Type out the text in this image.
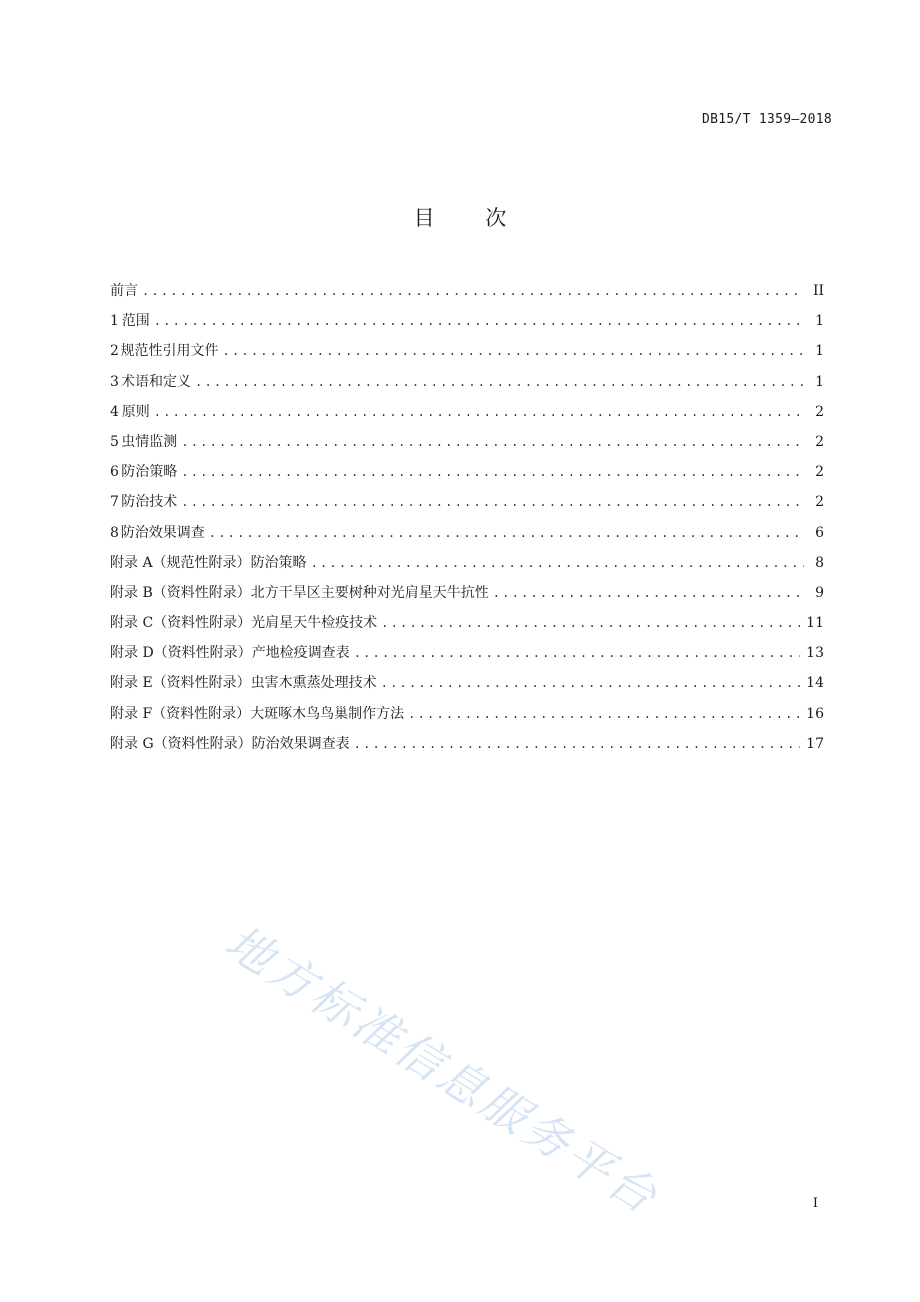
DB15/T 1359—2018
目 次
前言 .....	II
1 范围 .....	1
2 规范性引用文件 .....	1
3 术语和定义 .....	1
4 原则 .....	2
5 虫情监测 .....	2
6 防治策略 .....	2
7 防治技术 .....	2
8 防治效果调查 .....	6
附录 A（规范性附录） 防治策略 .....	8
附录 B（资料性附录） 北方干旱区主要树种对光肩星天牛抗性 .....	9
附录 C（资料性附录） 光肩星天牛检疫技术 .....	11
附录 D（资料性附录） 产地检疫调查表 .....	13
附录 E（资料性附录） 虫害木熏蒸处理技术 .....	14
附录 F（资料性附录） 大斑啄木鸟鸟巢制作方法 .....	16
附录 G（资料性附录） 防治效果调查表 .....	17
地方标准信息服务平台	I
